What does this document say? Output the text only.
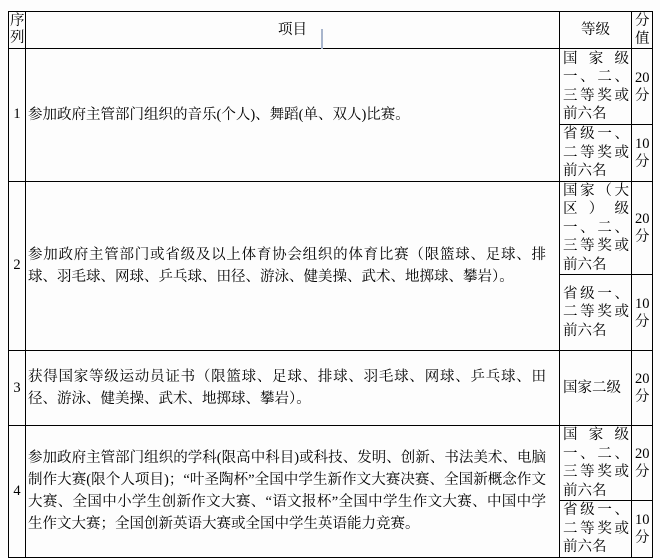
序列	项目	等级	分值
1	参加政府主管部门组织的音乐(个人)、舞蹈(单、双人)比赛。	国家级一、二、三等奖或前六名	20分
		省级一、二等奖或前六名	10分
2	参加政府主管部门或省级及以上体育协会组织的体育比赛（限篮球、足球、排球、羽毛球、网球、乒乓球、田径、游泳、健美操、武术、地掷球、攀岩）。	国家（大区）级一、二、三等奖或前六名	20分
		省级一、二等奖或前六名	10分
3	获得国家等级运动员证书（限篮球、足球、排球、羽毛球、网球、乒乓球、田径、游泳、健美操、武术、地掷球、攀岩）。	国家二级	20分
4	参加政府主管部门组织的学科(限高中科目)或科技、发明、创新、书法美术、电脑制作大赛(限个人项目)；“叶圣陶杯”全国中学生新作文大赛决赛、全国新概念作文大赛、全国中小学生创新作文大赛、“语文报杯”全国中学生作文大赛、中国中学生作文大赛；全国创新英语大赛或全国中学生英语能力竞赛。	国家级一、二、三等奖或前六名	20分
		省级一、二等奖或前六名	10分
